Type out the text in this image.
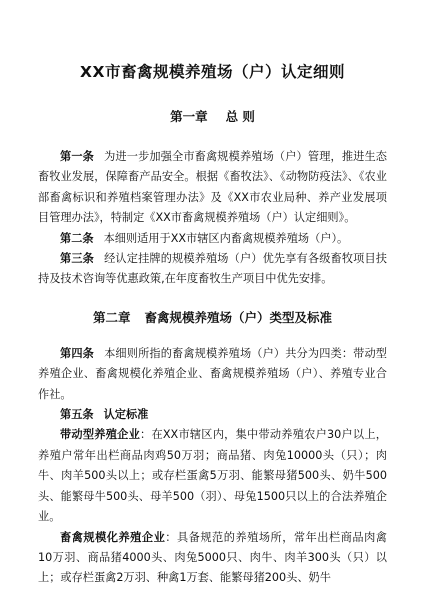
XX市畜禽规模养殖场（户）认定细则
第一章 总 则

第一条 为进一步加强全市畜禽规模养殖场（户）管理，推进生态畜牧业发展，保障畜产品安全。根据《畜牧法》、《动物防疫法》、《农业部畜禽标识和养殖档案管理办法》及《XX市农业局种、养产业发展项目管理办法》，特制定《XX市畜禽规模养殖场（户）认定细则》。

第二条 本细则适用于XX市辖区内畜禽规模养殖场（户）。

第三条 经认定挂牌的规模养殖场（户）优先享有各级畜牧项目扶持及技术咨询等优惠政策,在年度畜牧生产项目中优先安排。

第二章 畜禽规模养殖场（户）类型及标准

第四条 本细则所指的畜禽规模养殖场（户）共分为四类：带动型养殖企业、畜禽规模化养殖企业、畜禽规模养殖场（户）、养殖专业合作社。

第五条 认定标准

带动型养殖企业：在XX市辖区内，集中带动养殖农户30户以上，养殖户常年出栏商品肉鸡50万羽；商品猪、肉兔10000头（只）；肉牛、肉羊500头以上；或存栏蛋禽5万羽、能繁母猪500头、奶牛500头、能繁母牛500头、母羊500（羽）、母兔1500只以上的合法养殖企业。

畜禽规模化养殖企业：具备规范的养殖场所，常年出栏商品肉禽10万羽、商品猪4000头、肉兔5000只、肉牛、肉羊300头（只）以上；或存栏蛋禽2万羽、种禽1万套、能繁母猪200头、奶牛
